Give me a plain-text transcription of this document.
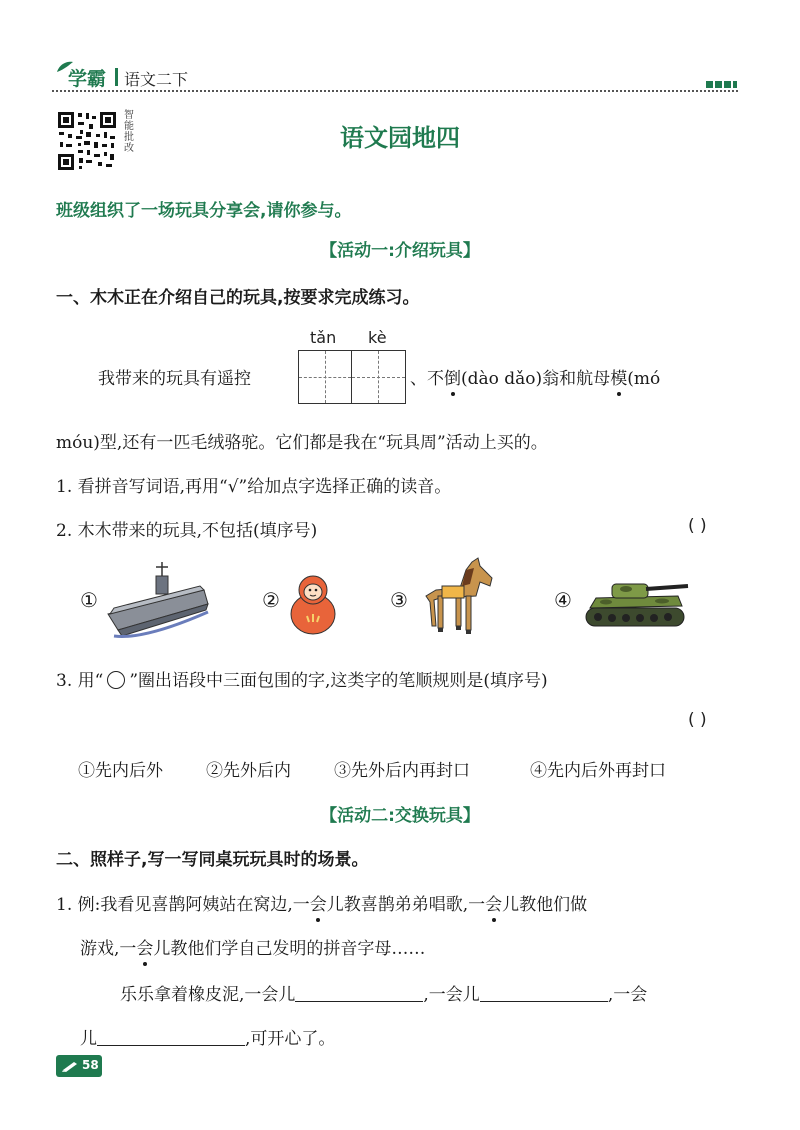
学霸 语文二下
智能批改	语文园地四
班级组织了一场玩具分享会,请你参与。
【活动一:介绍玩具】
一、木木正在介绍自己的玩具,按要求完成练习。
tǎn kè
我带来的玩具有遥控	、不倒(dào dǎo)翁和航母模(mó
móu)型,还有一匹毛绒骆驼。它们都是我在“玩具周”活动上买的。
1. 看拼音写词语,再用“√”给加点字选择正确的读音。
2. 木木带来的玩具,不包括(填序号)	( )
①	②	③	④
3. 用“ ○ ”圈出语段中三面包围的字,这类字的笔顺规则是(填序号)
( )
①先内后外	②先外后内	③先外后内再封口	④先内后外再封口
【活动二:交换玩具】
二、照样子,写一写同桌玩玩具时的场景。
1. 例:我看见喜鹊阿姨站在窝边,一会儿教喜鹊弟弟唱歌,一会儿教他们做
游戏,一会儿教他们学自己发明的拼音字母……
乐乐拿着橡皮泥,一会儿	,一会儿	,一会
儿	,可开心了。
58
